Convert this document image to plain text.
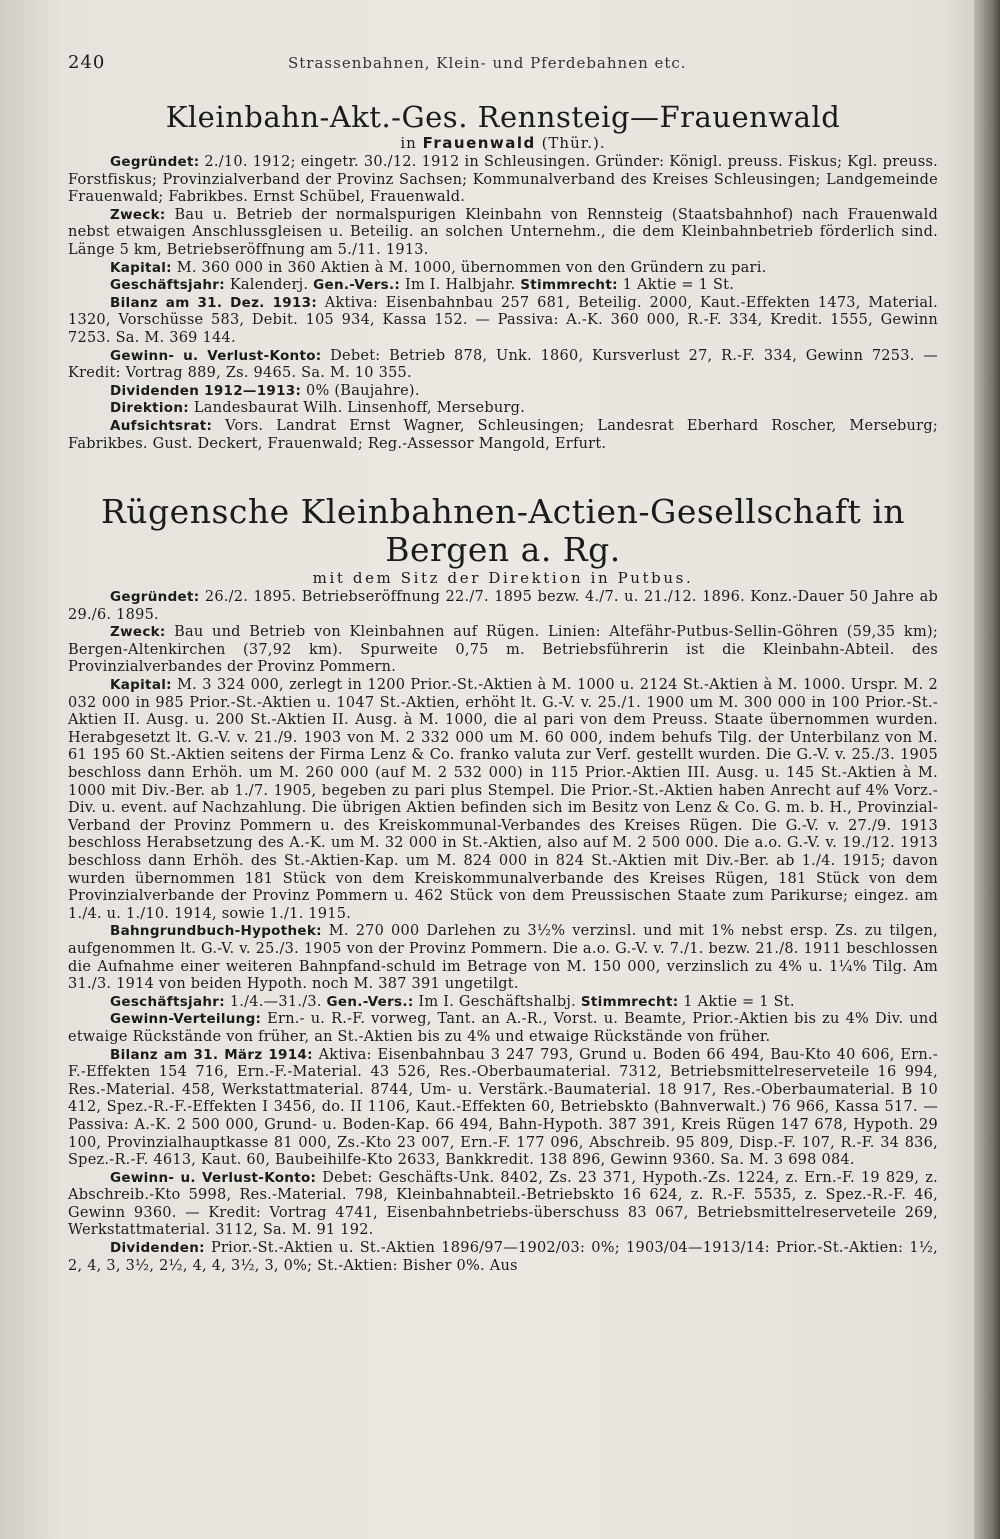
240	Strassenbahnen, Klein- und Pferdebahnen etc.
Kleinbahn-Akt.-Ges. Rennsteig—Frauenwald
in Frauenwald (Thür.).

Gegründet: 2./10. 1912; eingetr. 30./12. 1912 in Schleusingen. Gründer: Königl. preuss. Fiskus; Kgl. preuss. Forstfiskus; Provinzialverband der Provinz Sachsen; Kommunalverband des Kreises Schleusingen; Landgemeinde Frauenwald; Fabrikbes. Ernst Schübel, Frauenwald.

Zweck: Bau u. Betrieb der normalspurigen Kleinbahn von Rennsteig (Staatsbahnhof) nach Frauenwald nebst etwaigen Anschlussgleisen u. Beteilig. an solchen Unternehm., die dem Kleinbahnbetrieb förderlich sind. Länge 5 km, Betriebseröffnung am 5./11. 1913.

Kapital: M. 360 000 in 360 Aktien à M. 1000, übernommen von den Gründern zu pari.

Geschäftsjahr: Kalenderj. Gen.-Vers.: Im I. Halbjahr. Stimmrecht: 1 Aktie = 1 St.

Bilanz am 31. Dez. 1913: Aktiva: Eisenbahnbau 257 681, Beteilig. 2000, Kaut.-Effekten 1473, Material. 1320, Vorschüsse 583, Debit. 105 934, Kassa 152. — Passiva: A.-K. 360 000, R.-F. 334, Kredit. 1555, Gewinn 7253. Sa. M. 369 144.

Gewinn- u. Verlust-Konto: Debet: Betrieb 878, Unk. 1860, Kursverlust 27, R.-F. 334, Gewinn 7253. — Kredit: Vortrag 889, Zs. 9465. Sa. M. 10 355.

Dividenden 1912—1913: 0% (Baujahre).

Direktion: Landesbaurat Wilh. Linsenhoff, Merseburg.

Aufsichtsrat: Vors. Landrat Ernst Wagner, Schleusingen; Landesrat Eberhard Roscher, Merseburg; Fabrikbes. Gust. Deckert, Frauenwald; Reg.-Assessor Mangold, Erfurt.

Rügensche Kleinbahnen-Actien-Gesellschaft in Bergen a. Rg.
mit dem Sitz der Direktion in Putbus.

Gegründet: 26./2. 1895. Betriebseröffnung 22./7. 1895 bezw. 4./7. u. 21./12. 1896. Konz.-Dauer 50 Jahre ab 29./6. 1895.

Zweck: Bau und Betrieb von Kleinbahnen auf Rügen. Linien: Altefähr-Putbus-Sellin-Göhren (59,35 km); Bergen-Altenkirchen (37,92 km). Spurweite 0,75 m. Betriebsführerin ist die Kleinbahn-Abteil. des Provinzialverbandes der Provinz Pommern.

Kapital: M. 3 324 000, zerlegt in 1200 Prior.-St.-Aktien à M. 1000 u. 2124 St.-Aktien à M. 1000. Urspr. M. 2 032 000 in 985 Prior.-St.-Aktien u. 1047 St.-Aktien, erhöht lt. G.-V. v. 25./1. 1900 um M. 300 000 in 100 Prior.-St.-Aktien II. Ausg. u. 200 St.-Aktien II. Ausg. à M. 1000, die al pari von dem Preuss. Staate übernommen wurden. Herabgesetzt lt. G.-V. v. 21./9. 1903 von M. 2 332 000 um M. 60 000, indem behufs Tilg. der Unterbilanz von M. 61 195 60 St.-Aktien seitens der Firma Lenz & Co. franko valuta zur Verf. gestellt wurden. Die G.-V. v. 25./3. 1905 beschloss dann Erhöh. um M. 260 000 (auf M. 2 532 000) in 115 Prior.-Aktien III. Ausg. u. 145 St.-Aktien à M. 1000 mit Div.-Ber. ab 1./7. 1905, begeben zu pari plus Stempel. Die Prior.-St.-Aktien haben Anrecht auf 4% Vorz.-Div. u. event. auf Nachzahlung. Die übrigen Aktien befinden sich im Besitz von Lenz & Co. G. m. b. H., Provinzial-Verband der Provinz Pommern u. des Kreiskommunal-Verbandes des Kreises Rügen. Die G.-V. v. 27./9. 1913 beschloss Herabsetzung des A.-K. um M. 32 000 in St.-Aktien, also auf M. 2 500 000. Die a.o. G.-V. v. 19./12. 1913 beschloss dann Erhöh. des St.-Aktien-Kap. um M. 824 000 in 824 St.-Aktien mit Div.-Ber. ab 1./4. 1915; davon wurden übernommen 181 Stück von dem Kreiskommunalverbande des Kreises Rügen, 181 Stück von dem Provinzialverbande der Provinz Pommern u. 462 Stück von dem Preussischen Staate zum Parikurse; eingez. am 1./4. u. 1./10. 1914, sowie 1./1. 1915.

Bahngrundbuch-Hypothek: M. 270 000 Darlehen zu 3½% verzinsl. und mit 1% nebst ersp. Zs. zu tilgen, aufgenommen lt. G.-V. v. 25./3. 1905 von der Provinz Pommern. Die a.o. G.-V. v. 7./1. bezw. 21./8. 1911 beschlossen die Aufnahme einer weiteren Bahnpfand-schuld im Betrage von M. 150 000, verzinslich zu 4% u. 1¼% Tilg. Am 31./3. 1914 von beiden Hypoth. noch M. 387 391 ungetilgt.

Geschäftsjahr: 1./4.—31./3. Gen.-Vers.: Im I. Geschäftshalbj. Stimmrecht: 1 Aktie = 1 St.

Gewinn-Verteilung: Ern.- u. R.-F. vorweg, Tant. an A.-R., Vorst. u. Beamte, Prior.-Aktien bis zu 4% Div. und etwaige Rückstände von früher, an St.-Aktien bis zu 4% und etwaige Rückstände von früher.

Bilanz am 31. März 1914: Aktiva: Eisenbahnbau 3 247 793, Grund u. Boden 66 494, Bau-Kto 40 606, Ern.-F.-Effekten 154 716, Ern.-F.-Material. 43 526, Res.-Oberbaumaterial. 7312, Betriebsmittelreserveteile 16 994, Res.-Material. 458, Werkstattmaterial. 8744, Um- u. Verstärk.-Baumaterial. 18 917, Res.-Oberbaumaterial. B 10 412, Spez.-R.-F.-Effekten I 3456, do. II 1106, Kaut.-Effekten 60, Betriebskto (Bahnverwalt.) 76 966, Kassa 517. — Passiva: A.-K. 2 500 000, Grund- u. Boden-Kap. 66 494, Bahn-Hypoth. 387 391, Kreis Rügen 147 678, Hypoth. 29 100, Provinzialhauptkasse 81 000, Zs.-Kto 23 007, Ern.-F. 177 096, Abschreib. 95 809, Disp.-F. 107, R.-F. 34 836, Spez.-R.-F. 4613, Kaut. 60, Baubeihilfe-Kto 2633, Bankkredit. 138 896, Gewinn 9360. Sa. M. 3 698 084.

Gewinn- u. Verlust-Konto: Debet: Geschäfts-Unk. 8402, Zs. 23 371, Hypoth.-Zs. 1224, z. Ern.-F. 19 829, z. Abschreib.-Kto 5998, Res.-Material. 798, Kleinbahnabteil.-Betriebskto 16 624, z. R.-F. 5535, z. Spez.-R.-F. 46, Gewinn 9360. — Kredit: Vortrag 4741, Eisenbahnbetriebs-überschuss 83 067, Betriebsmittelreserveteile 269, Werkstattmaterial. 3112, Sa. M. 91 192.

Dividenden: Prior.-St.-Aktien u. St.-Aktien 1896/97—1902/03: 0%; 1903/04—1913/14: Prior.-St.-Aktien: 1½, 2, 4, 3, 3½, 2½, 4, 4, 3½, 3, 0%; St.-Aktien: Bisher 0%. Aus
